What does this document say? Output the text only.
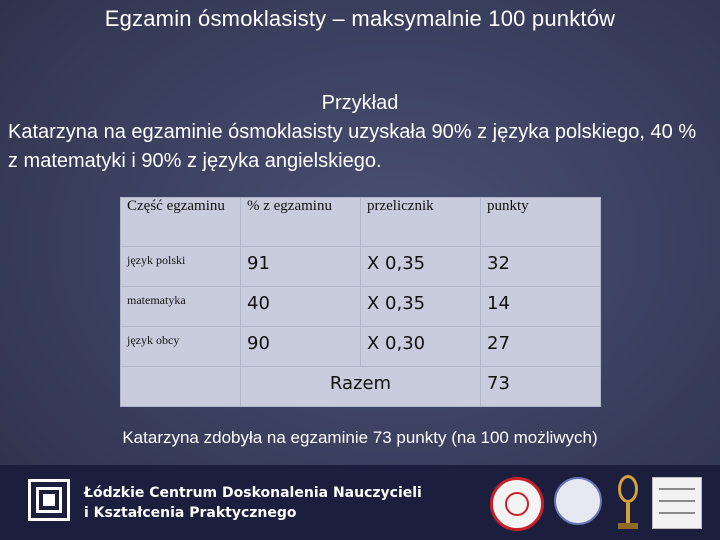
Egzamin ósmoklasisty – maksymalnie 100 punktów
Przykład
Katarzyna na egzaminie ósmoklasisty uzyskała 90% z języka polskiego, 40 % z matematyki i 90% z języka angielskiego.
Część egzaminu	% z egzaminu	przelicznik	punkty
język polski	91	X 0,35	32
matematyka	40	X 0,35	14
język obcy	90	X 0,30	27
	Razem		73
Katarzyna zdobyła na egzaminie 73 punkty (na 100 możliwych)
Łódzkie Centrum Doskonalenia Nauczycieli
i Kształcenia Praktycznego
